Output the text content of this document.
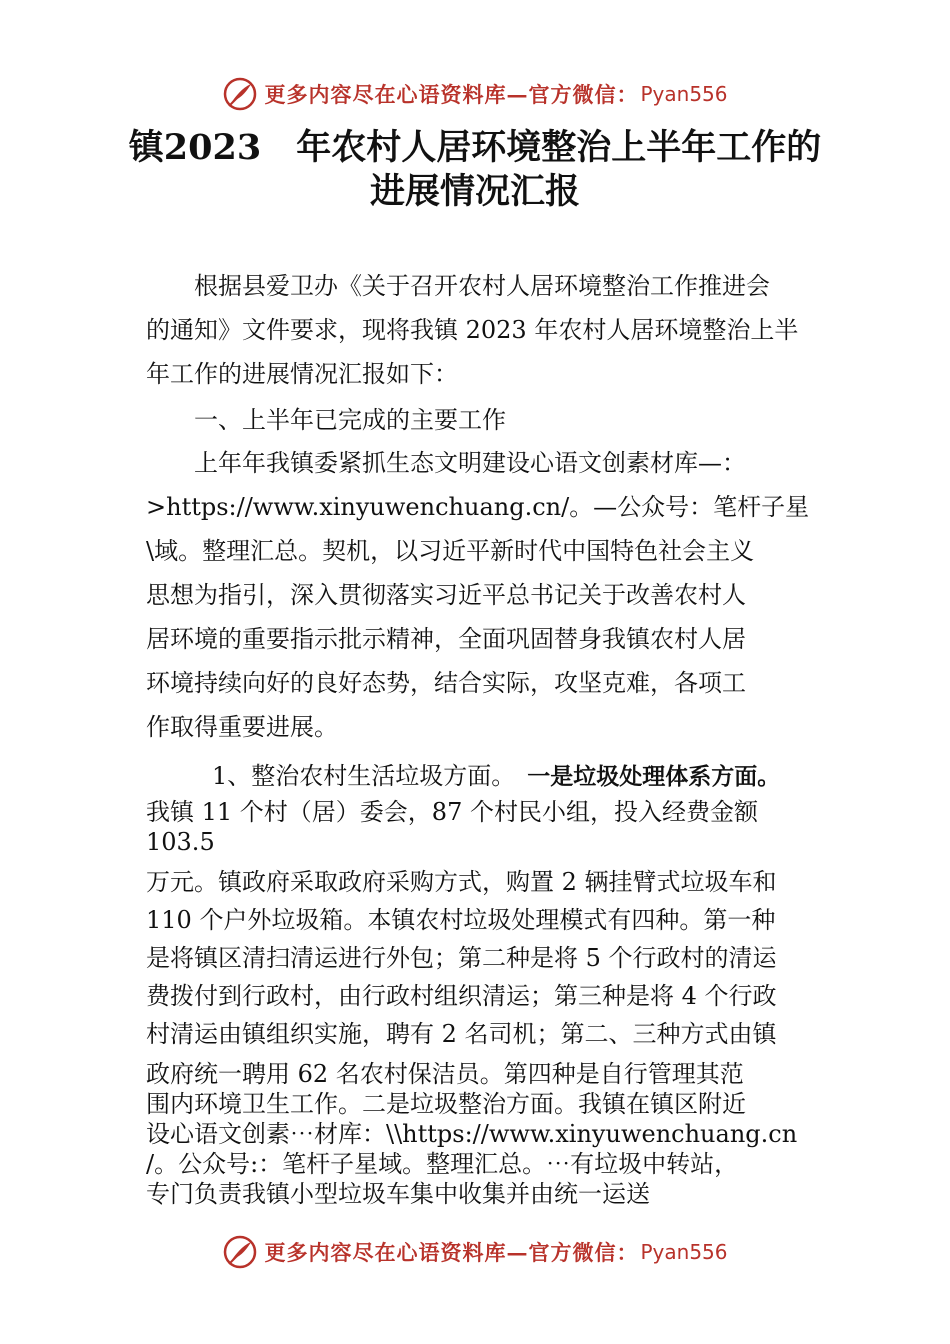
更多内容尽在心语资料库—官方微信： Pyan556
镇2023　年农村人居环境整治上半年工作的
进展情况汇报
根据县爱卫办《关于召开农村人居环境整治工作推进会
的通知》文件要求，现将我镇 2023 年农村人居环境整治上半
年工作的进展情况汇报如下：
一、上半年已完成的主要工作
上年年我镇委紧抓生态文明建设心语文创素材库—：
>https://www.xinyuwenchuang.cn/。—公众号：笔杆子星
\域。整理汇总。契机，以习近平新时代中国特色社会主义
思想为指引，深入贯彻落实习近平总书记关于改善农村人
居环境的重要指示批示精神，全面巩固替身我镇农村人居
环境持续向好的良好态势，结合实际，攻坚克难，各项工
作取得重要进展。
1、整治农村生活垃圾方面。 一是垃圾处理体系方面。
我镇 11 个村（居）委会，87 个村民小组，投入经费金额
103.5
万元。镇政府采取政府采购方式，购置 2 辆挂臂式垃圾车和
110 个户外垃圾箱。本镇农村垃圾处理模式有四种。第一种
是将镇区清扫清运进行外包；第二种是将 5 个行政村的清运
费拨付到行政村，由行政村组织清运；第三种是将 4 个行政
村清运由镇组织实施，聘有 2 名司机；第二、三种方式由镇
政府统一聘用 62 名农村保洁员。第四种是自行管理其范
围内环境卫生工作。二是垃圾整治方面。我镇在镇区附近
设心语文创素⋯材库：\\https://www.xinyuwenchuang.cn
/。公众号:：笔杆子星域。整理汇总。⋯有垃圾中转站，
专门负责我镇小型垃圾车集中收集并由统一运送
更多内容尽在心语资料库—官方微信： Pyan556
